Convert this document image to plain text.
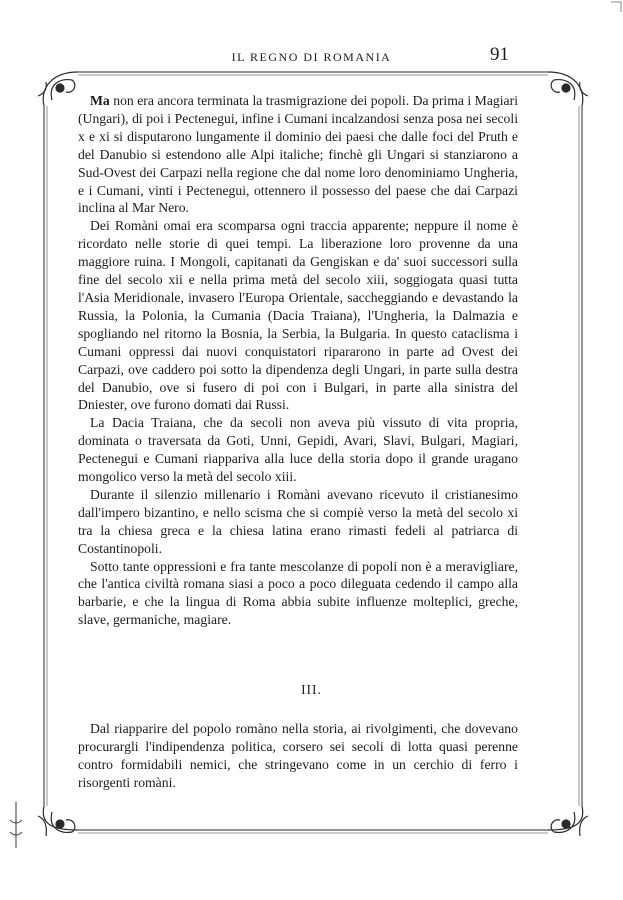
IL REGNO DI ROMANIA	91

Ma non era ancora terminata la trasmigrazione dei popoli. Da prima i Magiari (Ungari), di poi i Pectenegui, infine i Cumani incalzandosi senza posa nei secoli x e xi si disputarono lungamente il dominio dei paesi che dalle foci del Pruth e del Danubio si estendono alle Alpi italiche; finchè gli Ungari si stanziarono a Sud-Ovest dei Carpazi nella regione che dal nome loro denominiamo Ungheria, e i Cumani, vinti i Pectenegui, ottennero il possesso del paese che dai Carpazi inclina al Mar Nero.

Dei Romàni omai era scomparsa ogni traccia apparente; neppure il nome è ricordato nelle storie di quei tempi. La liberazione loro provenne da una maggiore ruina. I Mongoli, capitanati da Gengiskan e da' suoi successori sulla fine del secolo xii e nella prima metà del secolo xiii, soggiogata quasi tutta l'Asia Meridionale, invasero l'Europa Orientale, saccheggiando e devastando la Russia, la Polonia, la Cumania (Dacia Traiana), l'Ungheria, la Dalmazia e spogliando nel ritorno la Bosnia, la Serbia, la Bulgaria. In questo cataclisma i Cumani oppressi dai nuovi conquistatori ripararono in parte ad Ovest dei Carpazi, ove caddero poi sotto la dipendenza degli Ungari, in parte sulla destra del Danubio, ove si fusero di poi con i Bulgari, in parte alla sinistra del Dniester, ove furono domati dai Russi.

La Dacia Traiana, che da secoli non aveva più vissuto di vita propria, dominata o traversata da Goti, Unni, Gepidi, Avari, Slavi, Bulgari, Magiari, Pectenegui e Cumani riappariva alla luce della storia dopo il grande uragano mongolico verso la metà del secolo xiii.

Durante il silenzio millenario i Romàni avevano ricevuto il cristianesimo dall'impero bizantino, e nello scisma che si compiè verso la metà del secolo xi tra la chiesa greca e la chiesa latina erano rimasti fedeli al patriarca di Costantinopoli.

Sotto tante oppressioni e fra tante mescolanze di popoli non è a meravigliare, che l'antica civiltà romana siasi a poco a poco dileguata cedendo il campo alla barbarie, e che la lingua di Roma abbia subite influenze molteplici, greche, slave, germaniche, magiare.

III.

Dal riapparire del popolo romàno nella storia, ai rivolgimenti, che dovevano procurargli l'indipendenza politica, corsero sei secoli di lotta quasi perenne contro formidabili nemici, che stringevano come in un cerchio di ferro i risorgenti romàni.
